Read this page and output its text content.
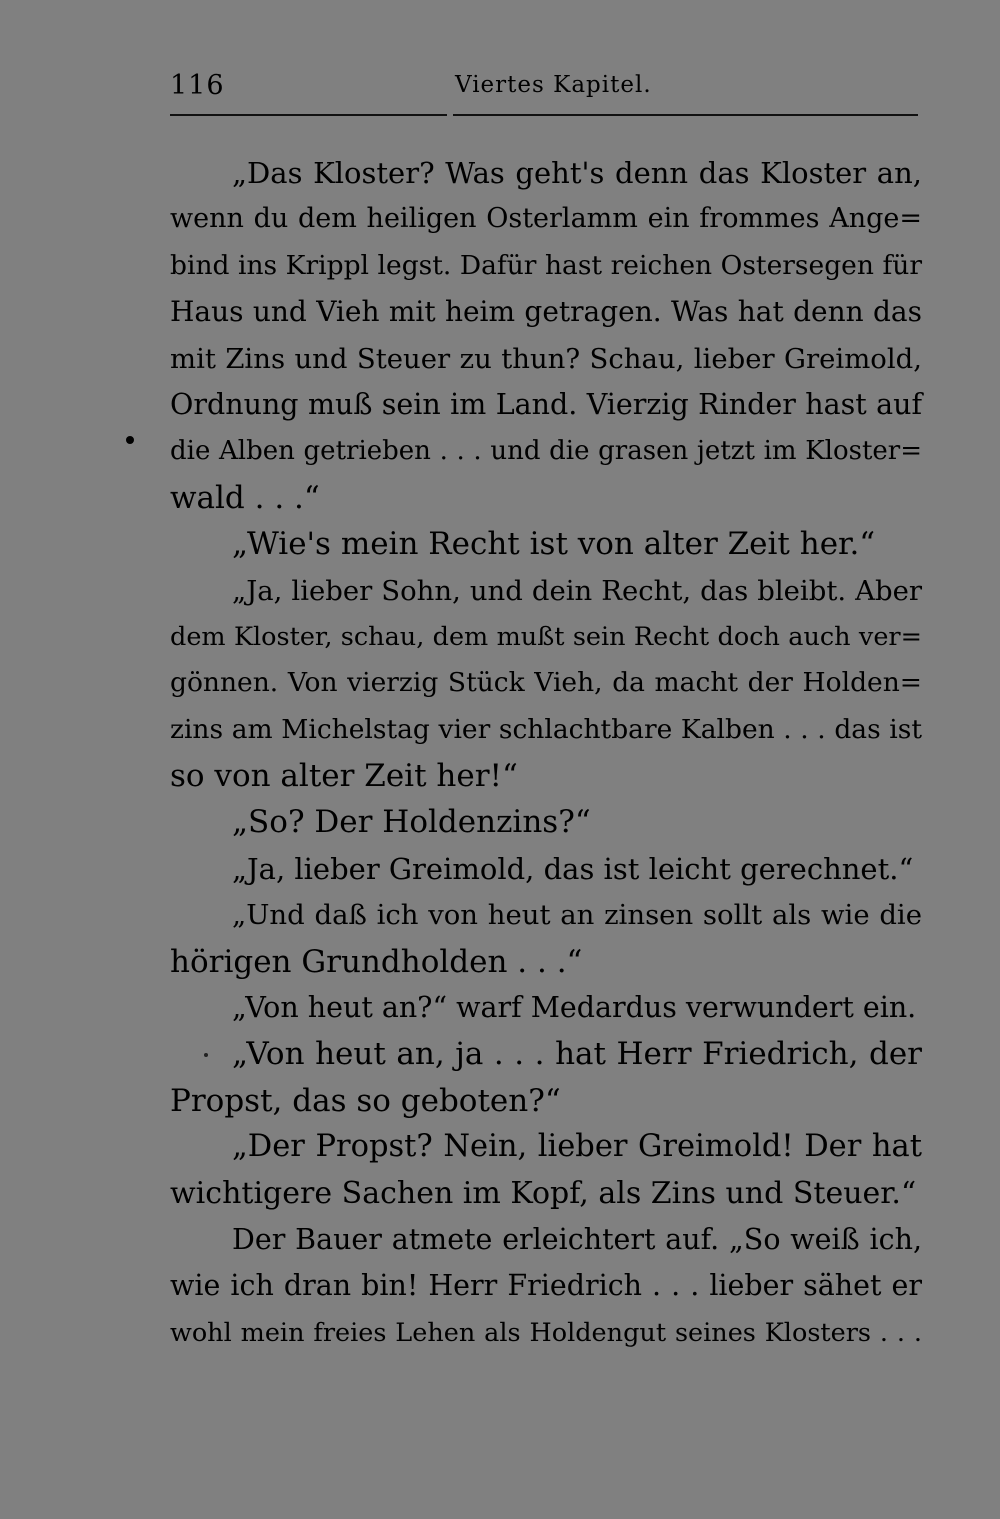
116	Viertes Kapitel.
„Das Kloster? Was geht's denn das Kloster an,
wenn du dem heiligen Osterlamm ein frommes Ange=
bind ins Krippl legst. Dafür hast reichen Ostersegen für
Haus und Vieh mit heim getragen. Was hat denn das
mit Zins und Steuer zu thun? Schau, lieber Greimold,
Ordnung muß sein im Land. Vierzig Rinder hast auf
die Alben getrieben . . . und die grasen jetzt im Kloster=
wald . . .“
„Wie's mein Recht ist von alter Zeit her.“
„Ja, lieber Sohn, und dein Recht, das bleibt. Aber
dem Kloster, schau, dem mußt sein Recht doch auch ver=
gönnen. Von vierzig Stück Vieh, da macht der Holden=
zins am Michelstag vier schlachtbare Kalben . . . das ist
so von alter Zeit her!“
„So? Der Holdenzins?“
„Ja, lieber Greimold, das ist leicht gerechnet.“
„Und daß ich von heut an zinsen sollt als wie die
hörigen Grundholden . . .“
„Von heut an?“ warf Medardus verwundert ein.
„Von heut an, ja . . . hat Herr Friedrich, der
Propst, das so geboten?“
„Der Propst? Nein, lieber Greimold! Der hat
wichtigere Sachen im Kopf, als Zins und Steuer.“
Der Bauer atmete erleichtert auf. „So weiß ich,
wie ich dran bin! Herr Friedrich . . . lieber sähet er
wohl mein freies Lehen als Holdengut seines Klosters . . .
